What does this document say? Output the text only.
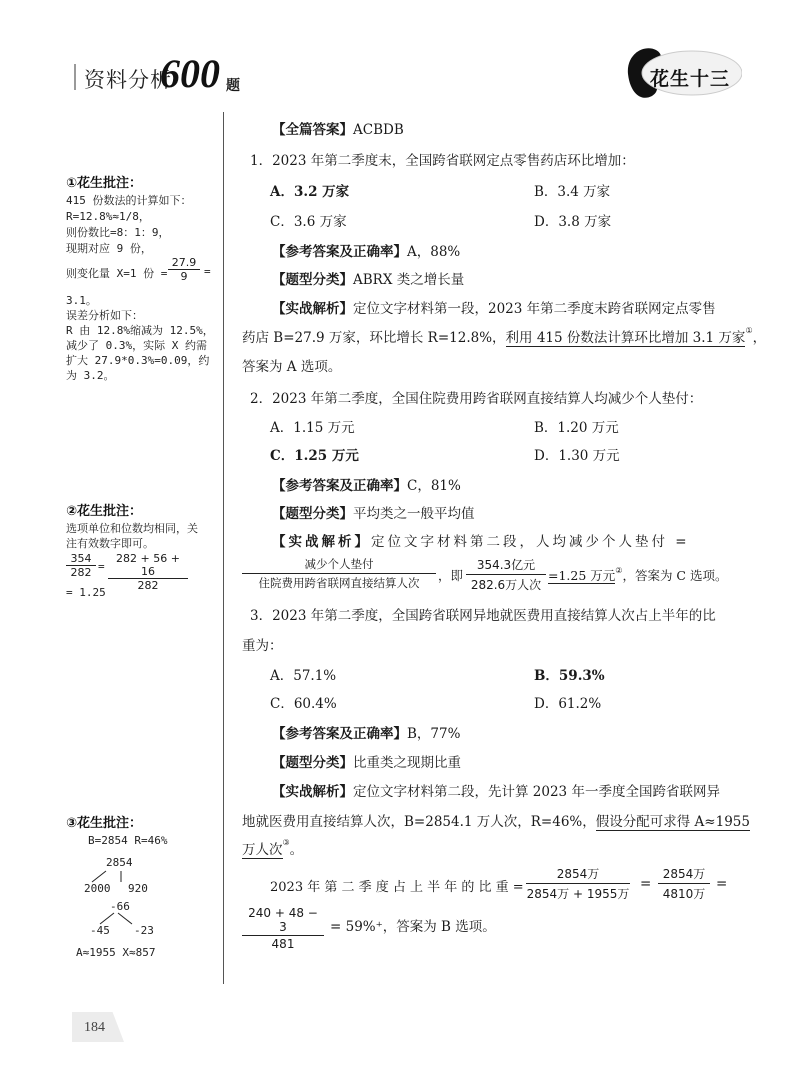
资料分析
600 题	花生十三
①花生批注：
415 份数法的计算如下：
R=12.8%≈1/8，
则份数比=8：1：9，
现期对应 9 份，
则变化量 X=1 份 = $\frac{27.9}{9}$ =
3.1。
误差分析如下：
R 由 12.8%缩减为 12.5%，
减少了 0.3%，实际 X 约需
扩大 27.9*0.3%=0.09，约
为 3.2。
②花生批注：
选项单位和位数均相同，关
注有效数字即可。
$\frac{354}{282} = \frac{282 + 56 + 16}{282}$
= 1.25
③花生批注：
B=2854 R=46%
2854
2000 920
-66
-45 -23
A≈1955 X≈857
【全篇答案】ACBDB
1．2023 年第二季度末，全国跨省联网定点零售药店环比增加：
A．3.2 万家	B．3.4 万家
C．3.6 万家	D．3.8 万家
【参考答案及正确率】A，88%
【题型分类】ABRX 类之增长量
【实战解析】定位文字材料第一段，2023 年第二季度末跨省联网定点零售
药店 B=27.9 万家，环比增长 R=12.8%，利用 415 份数法计算环比增加 3.1 万家①，
答案为 A 选项。
2．2023 年第二季度，全国住院费用跨省联网直接结算人均减少个人垫付：
A．1.15 万元	B．1.20 万元
C．1.25 万元	D．1.30 万元
【参考答案及正确率】C，81%
【题型分类】平均类之一般平均值
【实战解析】定位文字材料第二段，人均减少个人垫付 =
减少个人垫付
住院费用跨省联网直接结算人次	，即
354.3亿元
282.6万人次
=1.25 万元②，答案为 C 选项。
3．2023 年第二季度，全国跨省联网异地就医费用直接结算人次占上半年的比
重为：
A．57.1%	B．59.3%
C．60.4%	D．61.2%
【参考答案及正确率】B，77%
【题型分类】比重类之现期比重
【实战解析】定位文字材料第二段，先计算 2023 年一季度全国跨省联网异
地就医费用直接结算人次，B=2854.1 万人次，R=46%，假设分配可求得 A≈1955
万人次③。
2023 年 第 二 季 度 占 上 半 年 的 比 重 =
2854万
2854万 + 1955万
=
2854万
4810万
=
$\frac{240 + 48 - 3}{481} = 59\%^+$，答案为 B 选项。
184
